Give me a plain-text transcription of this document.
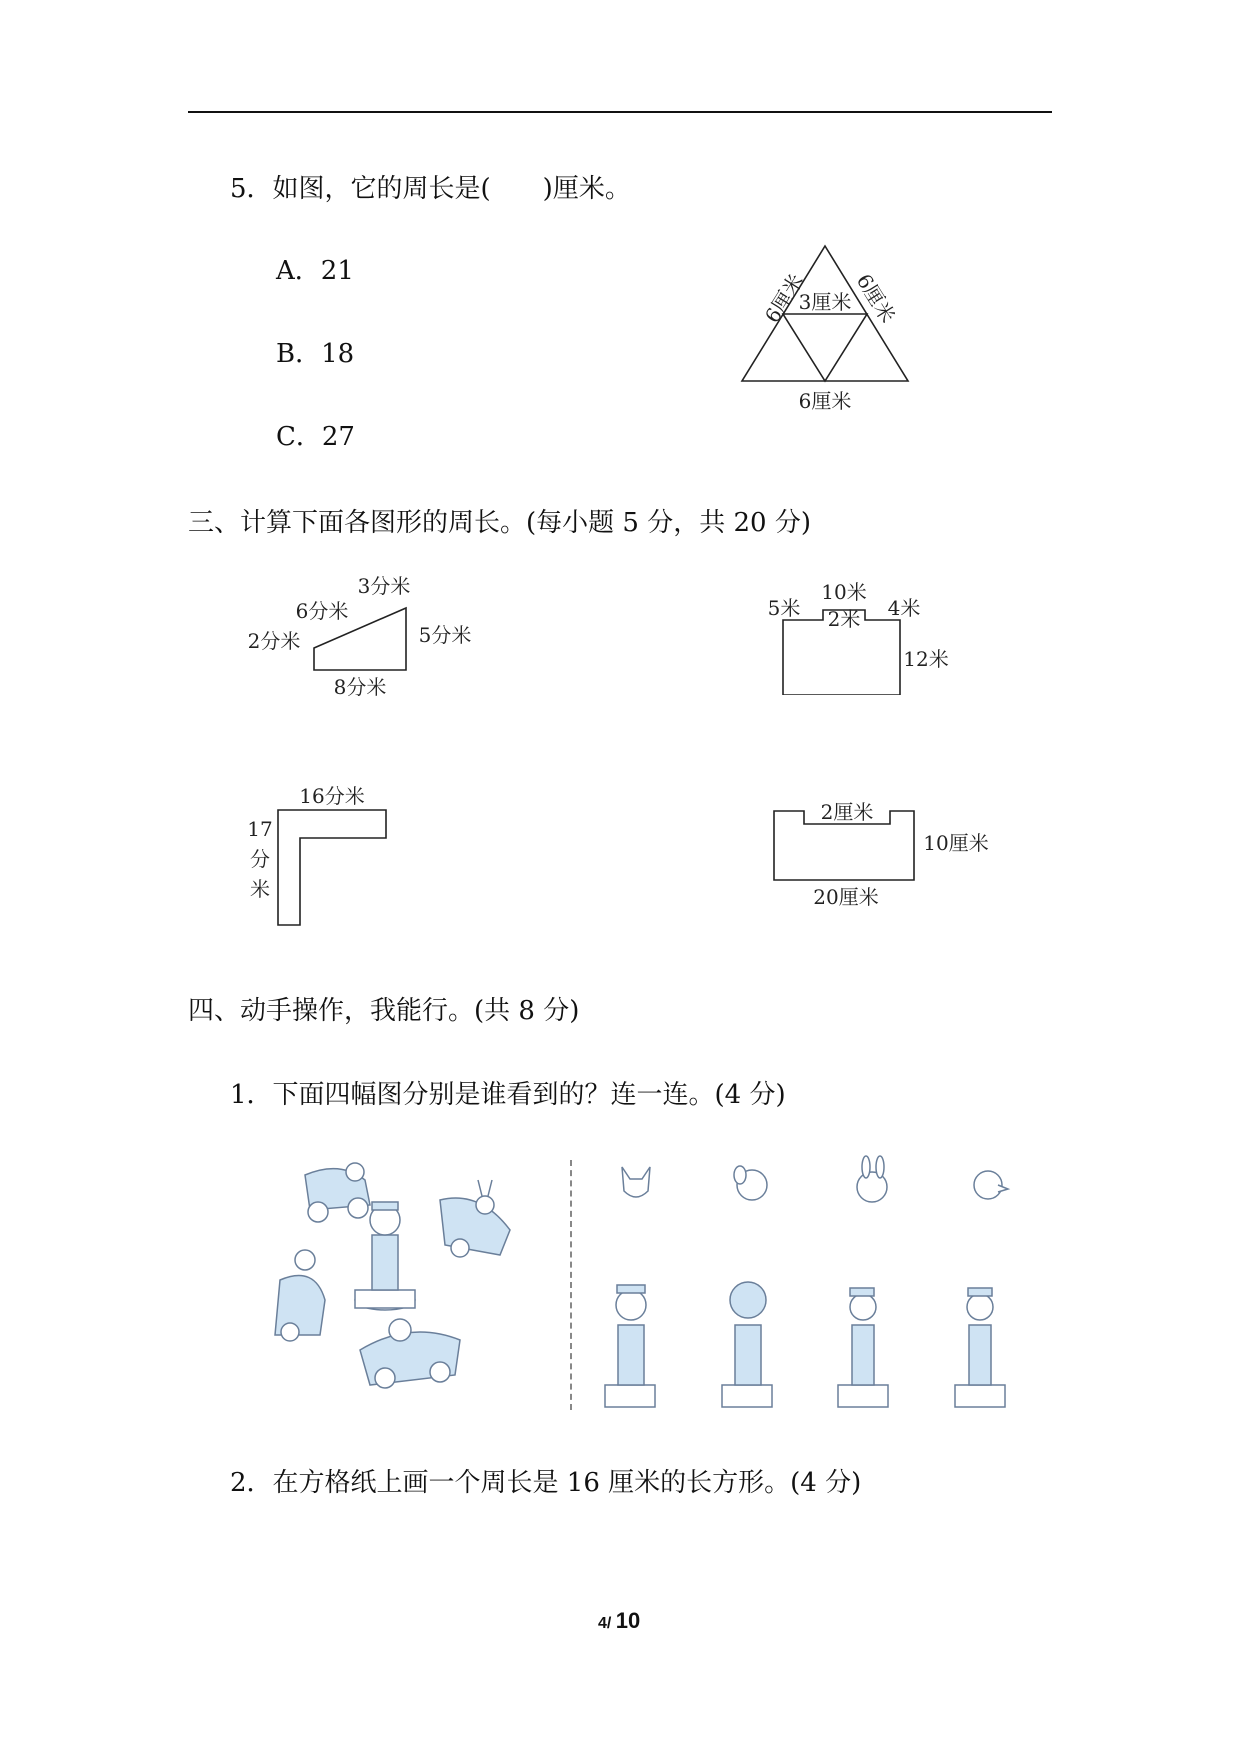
5．如图，它的周长是(　　)厘米。
A．21
B．18
C．27
6厘米
3厘米 6厘米
6厘米
三、计算下面各图形的周长。(每小题 5 分，共 20 分)
6分米
3分米
2分米	5分米
8分米
5米
10米
4米
2米
12米
16分米
17
分
米
2厘米
10厘米
20厘米
四、动手操作，我能行。(共 8 分)
1．下面四幅图分别是谁看到的？连一连。(4 分)
2．在方格纸上画一个周长是 16 厘米的长方形。(4 分)
4/ 10
